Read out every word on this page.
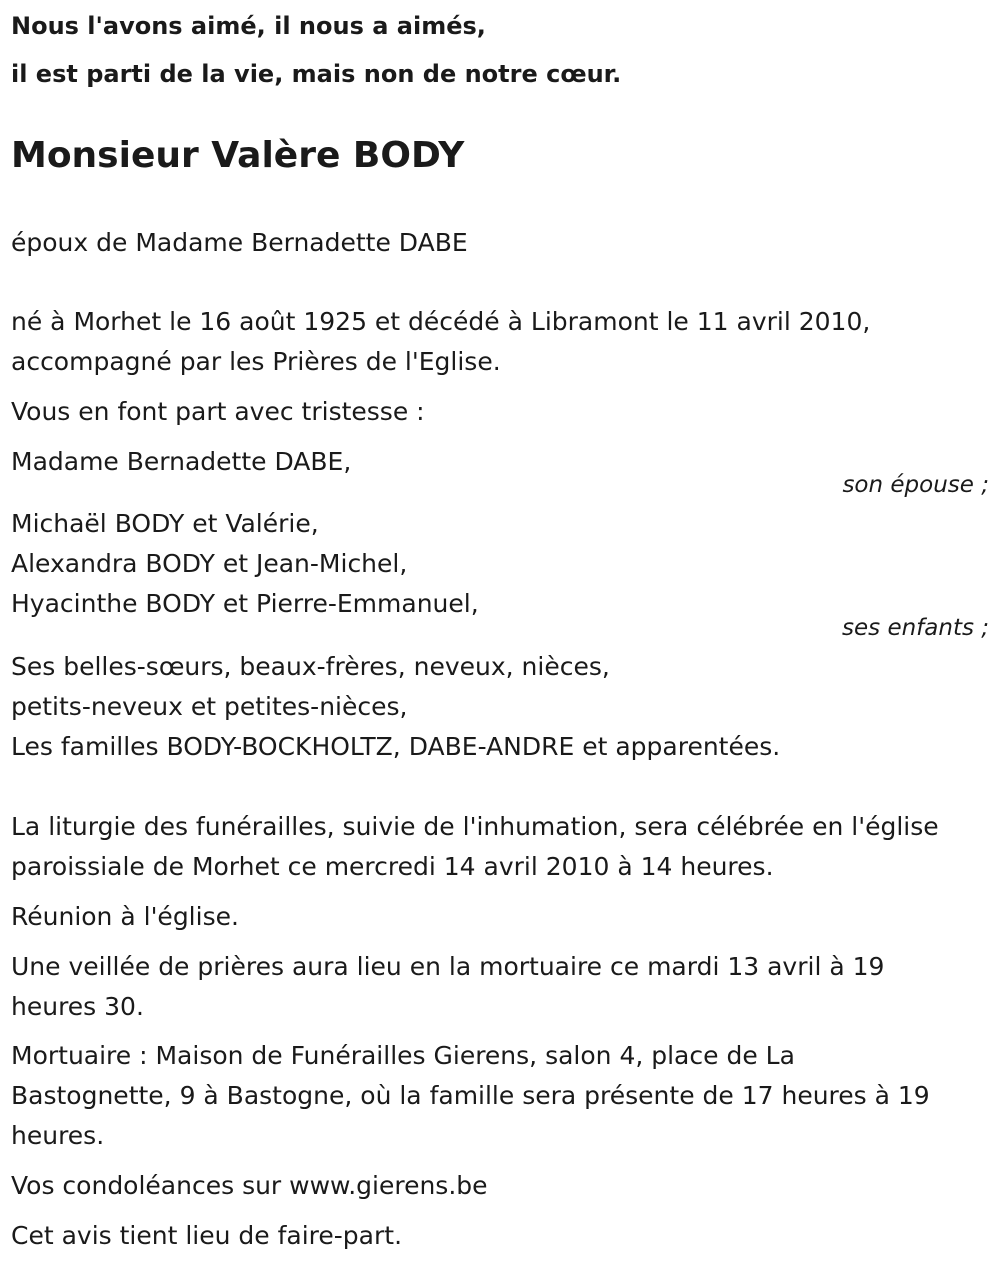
Nous l'avons aimé, il nous a aimés,
il est parti de la vie, mais non de notre cœur.
Monsieur Valère BODY
époux de Madame Bernadette DABE
né à Morhet le 16 août 1925 et décédé à Libramont le 11 avril 2010,
accompagné par les Prières de l'Eglise.
Vous en font part avec tristesse :
Madame Bernadette DABE,
son épouse ;
Michaël BODY et Valérie,
Alexandra BODY et Jean-Michel,
Hyacinthe BODY et Pierre-Emmanuel,
ses enfants ;
Ses belles-sœurs, beaux-frères, neveux, nièces,
petits-neveux et petites-nièces,
Les familles BODY-BOCKHOLTZ, DABE-ANDRE et apparentées.
La liturgie des funérailles, suivie de l'inhumation, sera célébrée en l'église
paroissiale de Morhet ce mercredi 14 avril 2010 à 14 heures.
Réunion à l'église.
Une veillée de prières aura lieu en la mortuaire ce mardi 13 avril à 19
heures 30.
Mortuaire : Maison de Funérailles Gierens, salon 4, place de La
Bastognette, 9 à Bastogne, où la famille sera présente de 17 heures à 19
heures.
Vos condoléances sur www.gierens.be
Cet avis tient lieu de faire-part.
